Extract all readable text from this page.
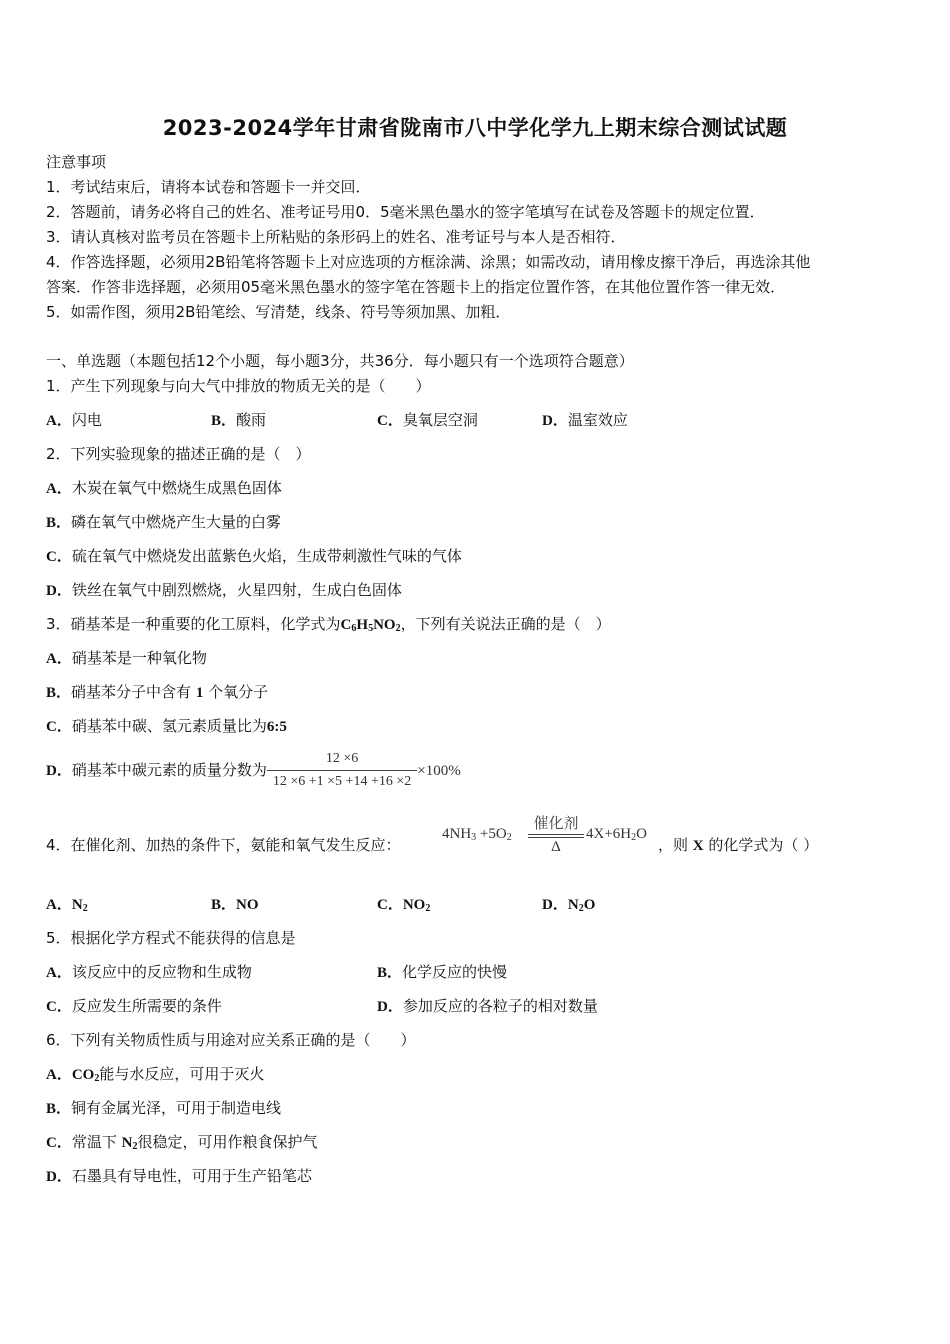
2023-2024学年甘肃省陇南市八中学化学九上期末综合测试试题
注意事项
1．考试结束后，请将本试卷和答题卡一并交回．
2．答题前，请务必将自己的姓名、准考证号用0．5毫米黑色墨水的签字笔填写在试卷及答题卡的规定位置．
3．请认真核对监考员在答题卡上所粘贴的条形码上的姓名、准考证号与本人是否相符．
4．作答选择题，必须用2B铅笔将答题卡上对应选项的方框涂满、涂黑；如需改动，请用橡皮擦干净后，再选涂其他
答案．作答非选择题，必须用05毫米黑色墨水的签字笔在答题卡上的指定位置作答，在其他位置作答一律无效．
5．如需作图，须用2B铅笔绘、写清楚，线条、符号等须加黑、加粗．
一、单选题（本题包括12个小题，每小题3分，共36分．每小题只有一个选项符合题意）
1．产生下列现象与向大气中排放的物质无关的是（　　）
A．闪电	B．酸雨	C．臭氧层空洞	D．温室效应
2．下列实验现象的描述正确的是（　）
A．木炭在氧气中燃烧生成黑色固体
B．磷在氧气中燃烧产生大量的白雾
C．硫在氧气中燃烧发出蓝紫色火焰，生成带刺激性气味的气体
D．铁丝在氧气中剧烈燃烧，火星四射，生成白色固体
3．硝基苯是一种重要的化工原料，化学式为$C_6H_5NO_2$，下列有关说法正确的是（　）
A．硝基苯是一种氧化物
B．硝基苯分子中含有 1 个氧分子
C．硝基苯中碳、氢元素质量比为6:5
D．硝基苯中碳元素的质量分数为 $\frac{12 \times 6}{12 \times 6 +1 \times 5 +14 +16 \times 2} \times 100\%$
4．在催化剂、加热的条件下，氨能和氧气发生反应：
$4NH_3 +5O_2$
催化剂
Δ
$4X+6H_2O$
，则 X 的化学式为（ ）
A．$N_2$	B．NO	C．$NO_2$	D．$N_2O$
5．根据化学方程式不能获得的信息是
A．该反应中的反应物和生成物	B．化学反应的快慢
C．反应发生所需要的条件	D．参加反应的各粒子的相对数量
6．下列有关物质性质与用途对应关系正确的是（　　）
A．$CO_2$能与水反应，可用于灭火
B．铜有金属光泽，可用于制造电线
C．常温下 $N_2$很稳定，可用作粮食保护气
D．石墨具有导电性，可用于生产铅笔芯
